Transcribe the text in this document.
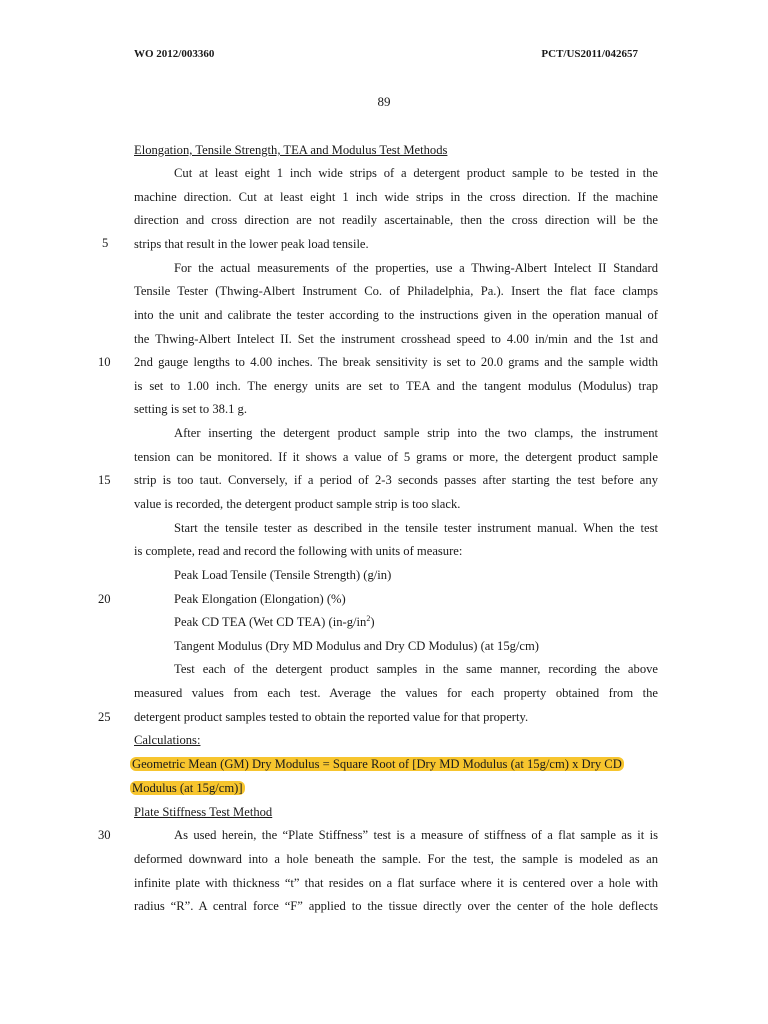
WO 2012/003360	PCT/US2011/042657
89
5
10
15
20
25
30
Elongation, Tensile Strength, TEA and Modulus Test Methods
Cut at least eight 1 inch wide strips of a detergent product sample to be tested in the
machine direction. Cut at least eight 1 inch wide strips in the cross direction. If the machine
direction and cross direction are not readily ascertainable, then the cross direction will be the
strips that result in the lower peak load tensile.
For the actual measurements of the properties, use a Thwing-Albert Intelect II Standard
Tensile Tester (Thwing-Albert Instrument Co. of Philadelphia, Pa.). Insert the flat face clamps
into the unit and calibrate the tester according to the instructions given in the operation manual of
the Thwing-Albert Intelect II. Set the instrument crosshead speed to 4.00 in/min and the 1st and
2nd gauge lengths to 4.00 inches. The break sensitivity is set to 20.0 grams and the sample width
is set to 1.00 inch. The energy units are set to TEA and the tangent modulus (Modulus) trap
setting is set to 38.1 g.
After inserting the detergent product sample strip into the two clamps, the instrument
tension can be monitored. If it shows a value of 5 grams or more, the detergent product sample
strip is too taut. Conversely, if a period of 2-3 seconds passes after starting the test before any
value is recorded, the detergent product sample strip is too slack.
Start the tensile tester as described in the tensile tester instrument manual. When the test
is complete, read and record the following with units of measure:
Peak Load Tensile (Tensile Strength) (g/in)
Peak Elongation (Elongation) (%)
Peak CD TEA (Wet CD TEA) $(in-g/in^2)$
Tangent Modulus (Dry MD Modulus and Dry CD Modulus) (at 15g/cm)
Test each of the detergent product samples in the same manner, recording the above
measured values from each test. Average the values for each property obtained from the
detergent product samples tested to obtain the reported value for that property.
Calculations:
Geometric Mean (GM) Dry Modulus = Square Root of [Dry MD Modulus (at 15g/cm) x Dry CD
Modulus (at 15g/cm)]
Plate Stiffness Test Method
As used herein, the “Plate Stiffness” test is a measure of stiffness of a flat sample as it is
deformed downward into a hole beneath the sample. For the test, the sample is modeled as an
infinite plate with thickness “t” that resides on a flat surface where it is centered over a hole with
radius “R”. A central force “F” applied to the tissue directly over the center of the hole deflects
